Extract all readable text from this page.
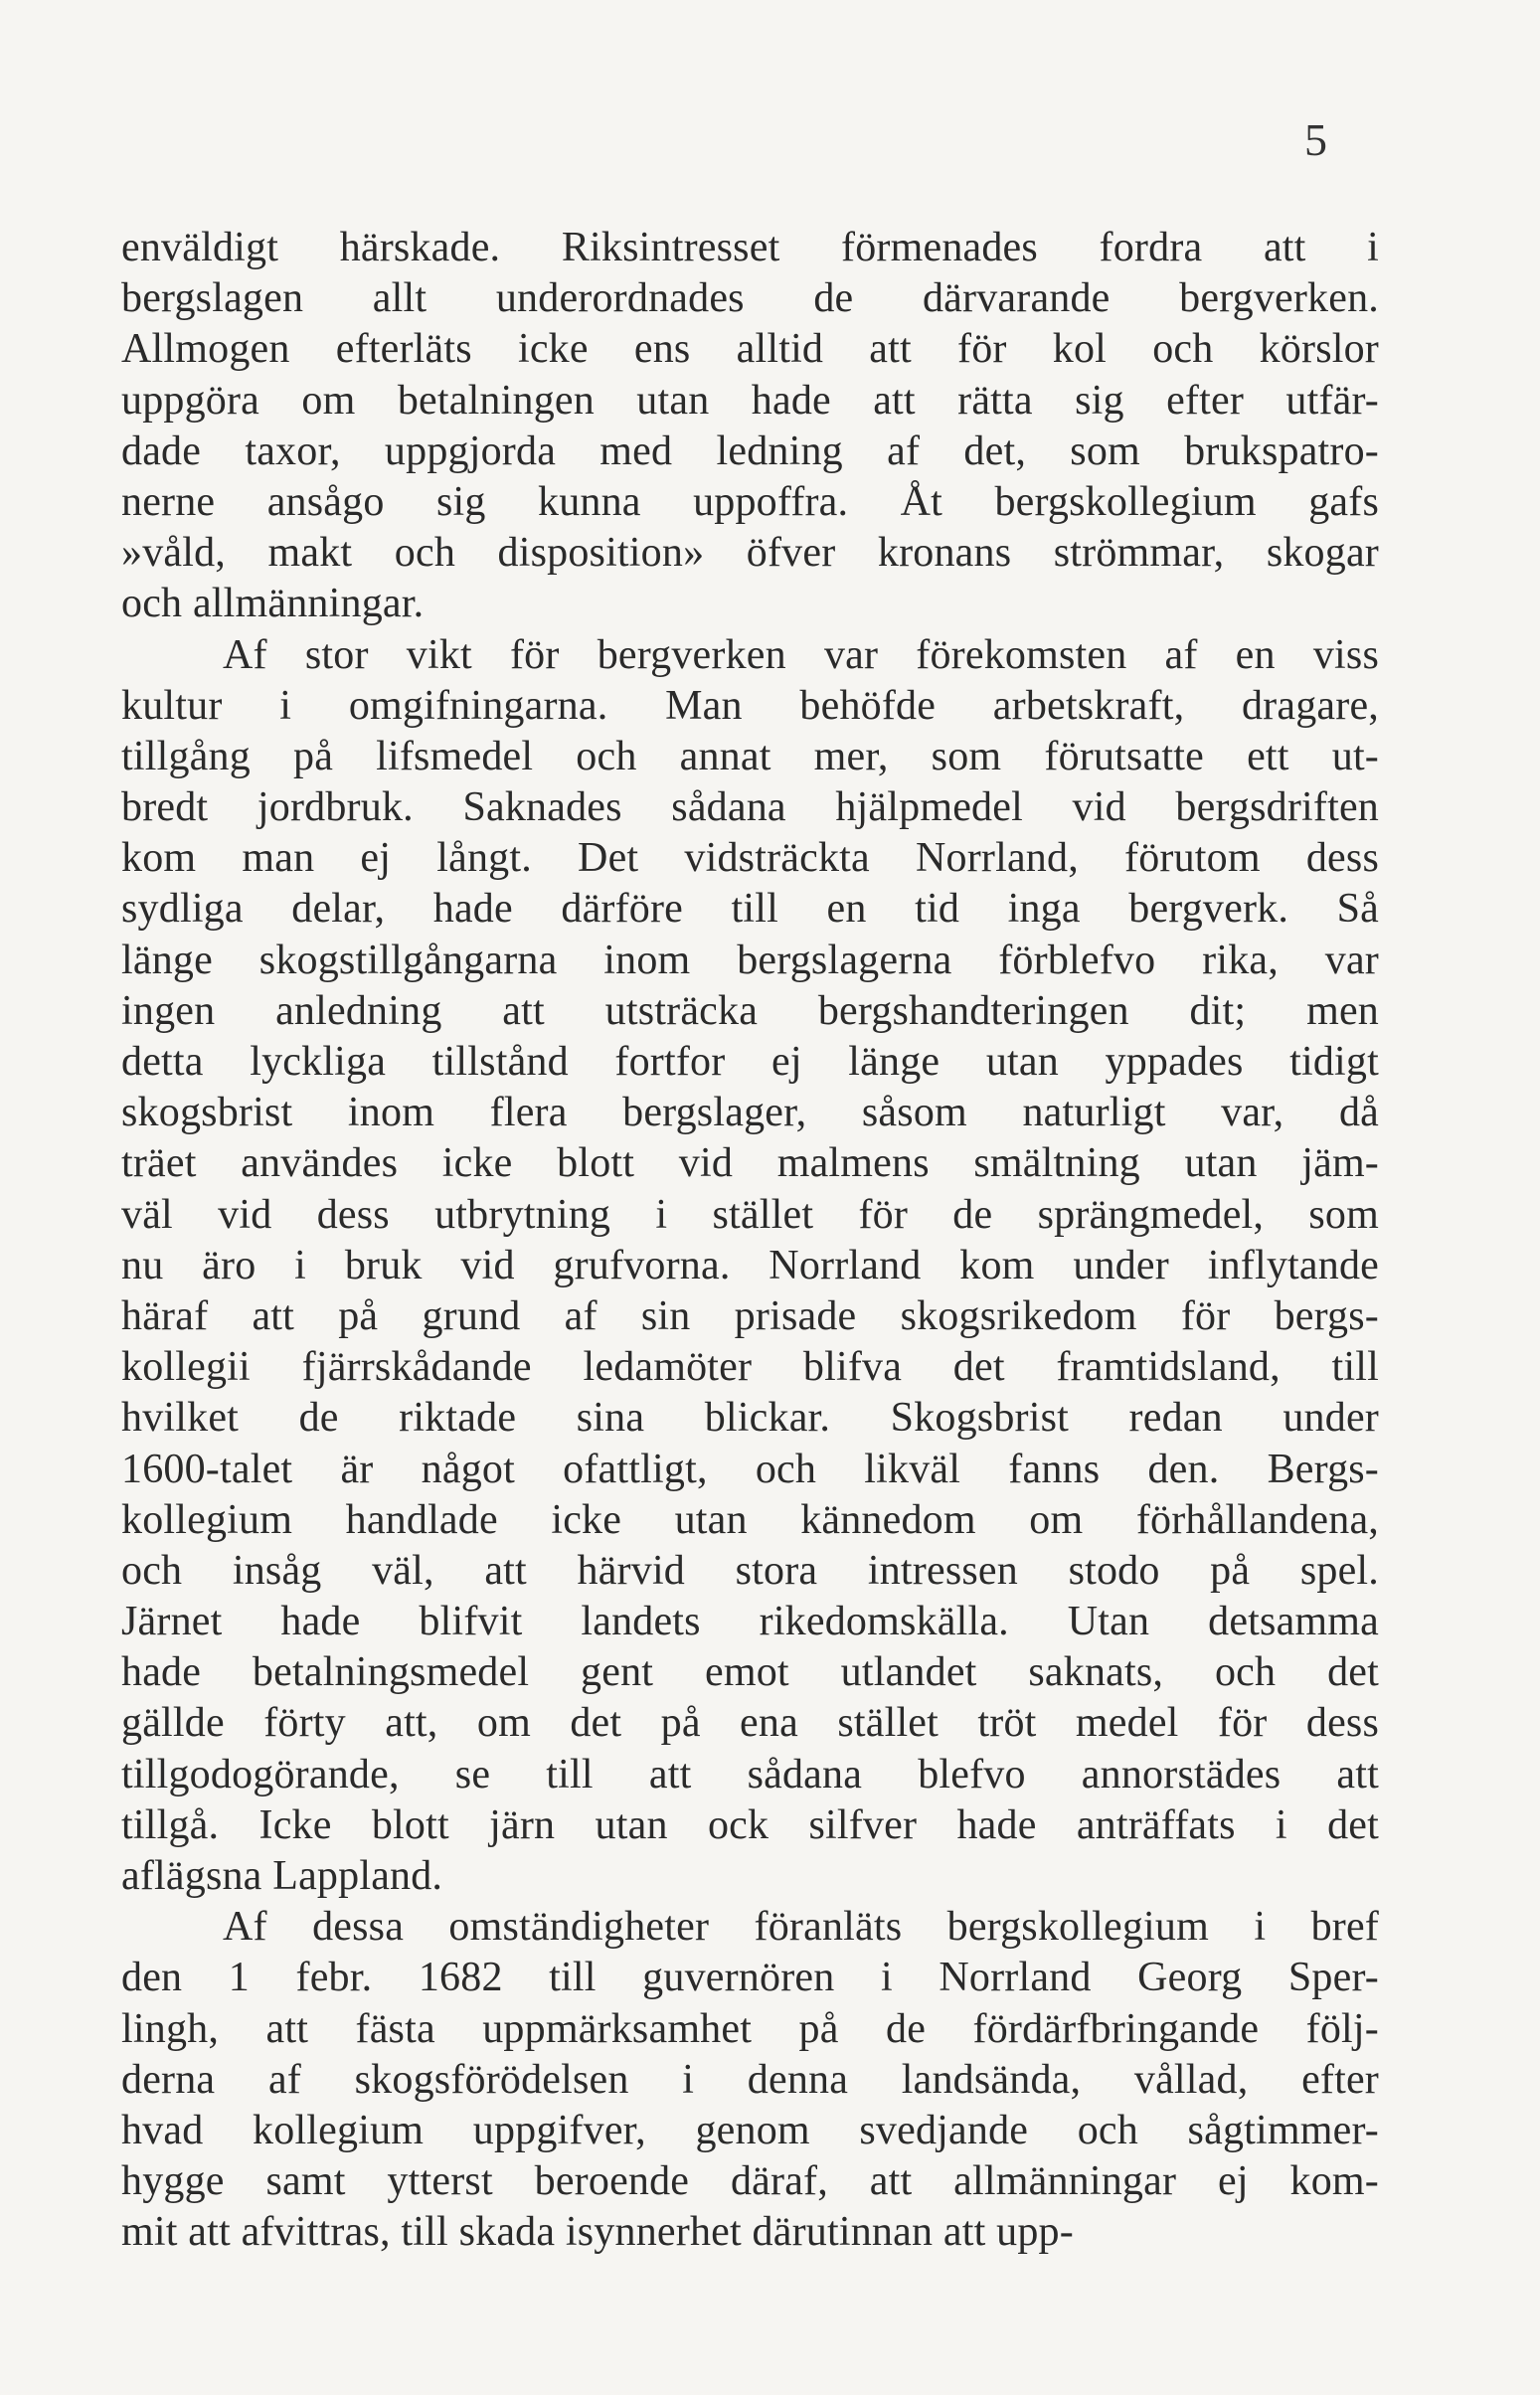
5
enväldigt härskade. Riksintresset förmenades fordra att i
bergslagen allt underordnades de därvarande bergverken.
Allmogen efterläts icke ens alltid att för kol och körslor
uppgöra om betalningen utan hade att rätta sig efter utfär-
dade taxor, uppgjorda med ledning af det, som brukspatro-
nerne ansågo sig kunna uppoffra. Åt bergskollegium gafs
»våld, makt och disposition» öfver kronans strömmar, skogar
och allmänningar.
Af stor vikt för bergverken var förekomsten af en viss
kultur i omgifningarna. Man behöfde arbetskraft, dragare,
tillgång på lifsmedel och annat mer, som förutsatte ett ut-
bredt jordbruk. Saknades sådana hjälpmedel vid bergsdriften
kom man ej långt. Det vidsträckta Norrland, förutom dess
sydliga delar, hade därföre till en tid inga bergverk. Så
länge skogstillgångarna inom bergslagerna förblefvo rika, var
ingen anledning att utsträcka bergshandteringen dit; men
detta lyckliga tillstånd fortfor ej länge utan yppades tidigt
skogsbrist inom flera bergslager, såsom naturligt var, då
träet användes icke blott vid malmens smältning utan jäm-
väl vid dess utbrytning i stället för de sprängmedel, som
nu äro i bruk vid grufvorna. Norrland kom under inflytande
häraf att på grund af sin prisade skogsrikedom för bergs-
kollegii fjärrskådande ledamöter blifva det framtidsland, till
hvilket de riktade sina blickar. Skogsbrist redan under
1600-talet är något ofattligt, och likväl fanns den. Bergs-
kollegium handlade icke utan kännedom om förhållandena,
och insåg väl, att härvid stora intressen stodo på spel.
Järnet hade blifvit landets rikedomskälla. Utan detsamma
hade betalningsmedel gent emot utlandet saknats, och det
gällde förty att, om det på ena stället tröt medel för dess
tillgodogörande, se till att sådana blefvo annorstädes att
tillgå. Icke blott järn utan ock silfver hade anträffats i det
aflägsna Lappland.
Af dessa omständigheter föranläts bergskollegium i bref
den 1 febr. 1682 till guvernören i Norrland Georg Sper-
lingh, att fästa uppmärksamhet på de fördärfbringande följ-
derna af skogsförödelsen i denna landsända, vållad, efter
hvad kollegium uppgifver, genom svedjande och sågtimmer-
hygge samt ytterst beroende däraf, att allmänningar ej kom-
mit att afvittras, till skada isynnerhet därutinnan att upp-
